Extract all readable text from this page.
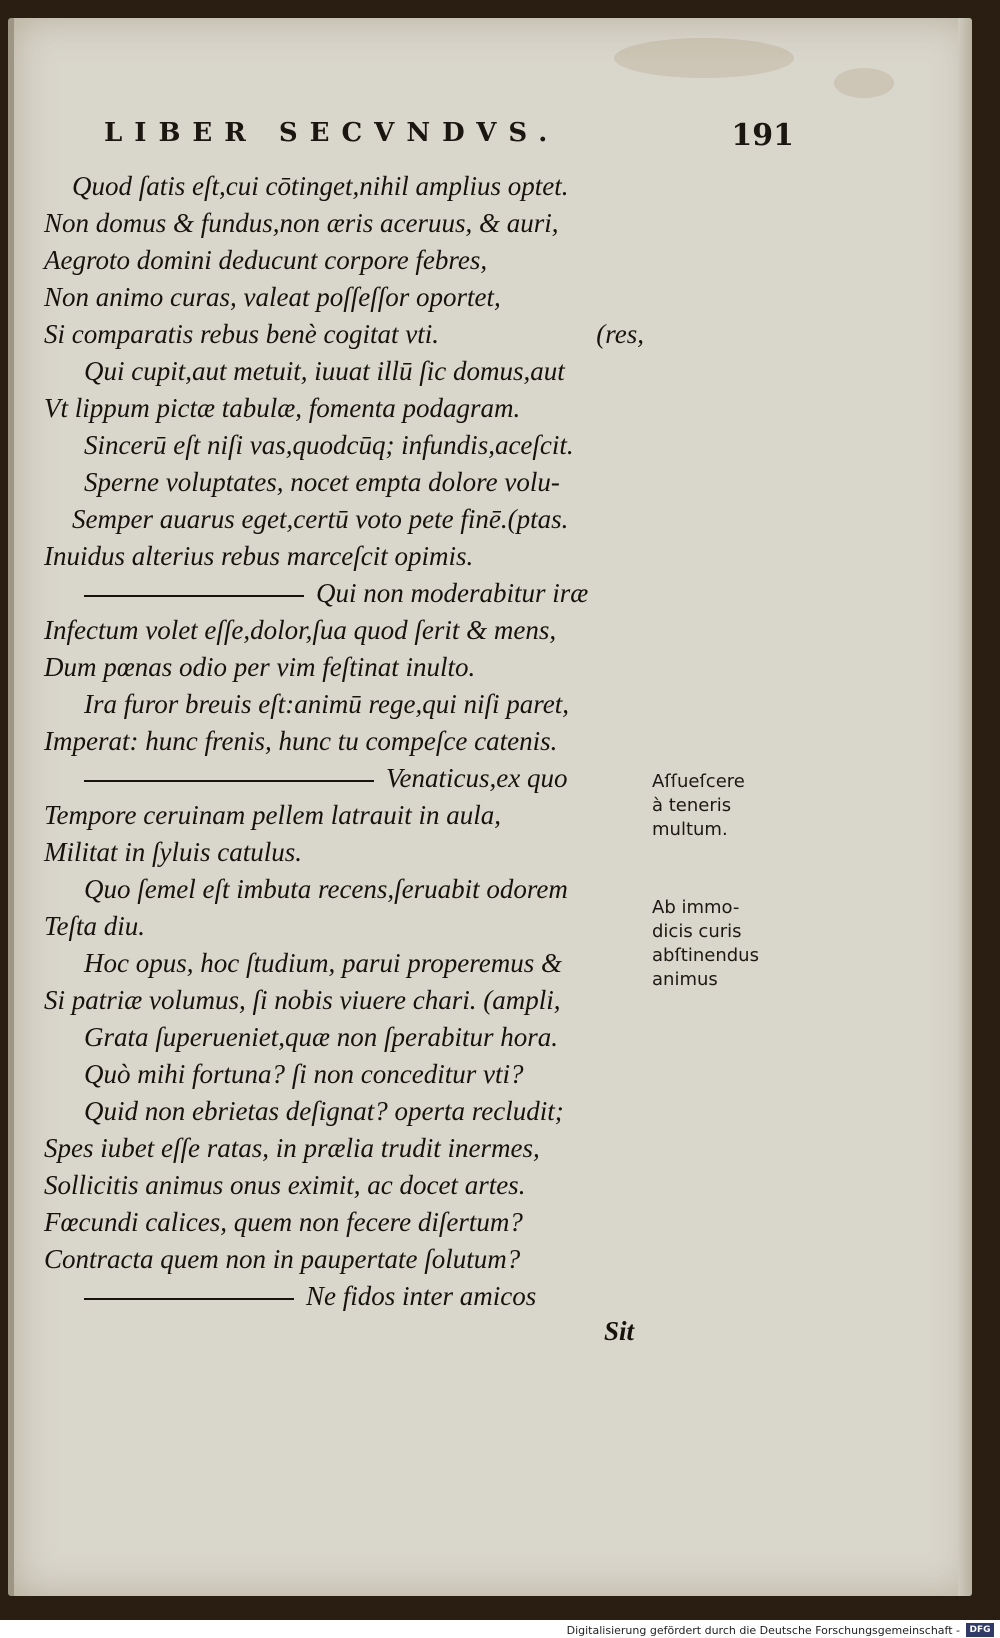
LIBER SECVNDVS.	191
Quod ſatis eſt,cui cōtinget,nihil amplius optet.
Non domus & fundus,non æris aceruus, & auri,
Aegroto domini deducunt corpore febres,
Non animo curas, valeat poſſeſſor oportet,
Si comparatis rebus benè cogitat vti.	(res,
Qui cupit,aut metuit, iuuat illū ſic domus,aut
Vt lippum pictæ tabulæ, fomenta podagram.
Sincerū eſt niſi vas,quodcūq; infundis,aceſcit.
Sperne voluptates, nocet empta dolore volu-
Semper auarus eget,certū voto pete finē.(ptas.
Inuidus alterius rebus marceſcit opimis.
Qui non moderabitur iræ
Infectum volet eſſe,dolor,ſua quod ſerit & mens,
Dum pœnas odio per vim feſtinat inulto.
Ira furor breuis eſt:animū rege,qui niſi paret,
Imperat: hunc frenis, hunc tu compeſce catenis.
Venaticus,ex quo
Tempore ceruinam pellem latrauit in aula,
Militat in ſyluis catulus.
Quo ſemel eſt imbuta recens,ſeruabit odorem
Teſta diu.
Hoc opus, hoc ſtudium, parui properemus &
Si patriæ volumus, ſi nobis viuere chari. (ampli,
Grata ſuperueniet,quæ non ſperabitur hora.
Quò mihi fortuna? ſi non conceditur vti?
Quid non ebrietas deſignat? operta recludit;
Spes iubet eſſe ratas, in prælia trudit inermes,
Sollicitis animus onus eximit, ac docet artes.
Fœcundi calices, quem non fecere diſertum?
Contracta quem non in paupertate ſolutum?
Ne fidos inter amicos
Aſſueſcere
à teneris
multum.
Ab immo-
dicis curis
abſtinendus
animus
Sit
Digitalisierung gefördert durch die Deutsche Forschungsgemeinschaft -	DFG
